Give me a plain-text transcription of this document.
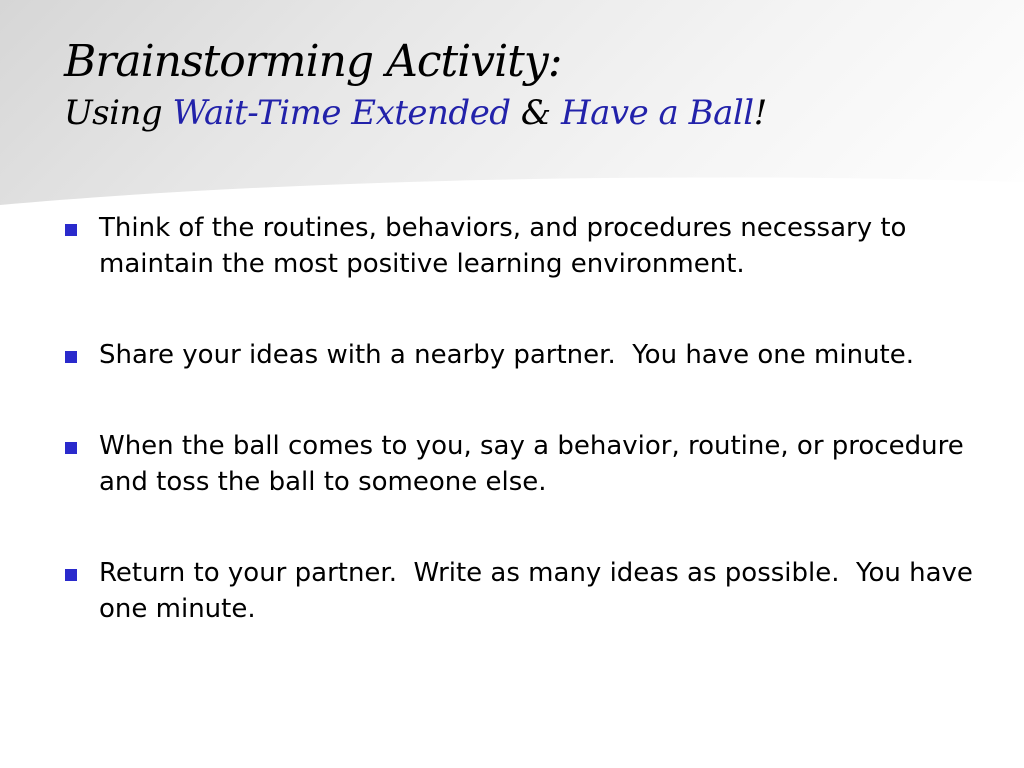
Brainstorming Activity:
Using Wait-Time Extended & Have a Ball!
Think of the routines, behaviors, and procedures necessary to maintain the most positive learning environment.
Share your ideas with a nearby partner.  You have one minute.
When the ball comes to you, say a behavior, routine, or procedure and toss the ball to someone else.
Return to your partner.  Write as many ideas as possible.  You have one minute.
